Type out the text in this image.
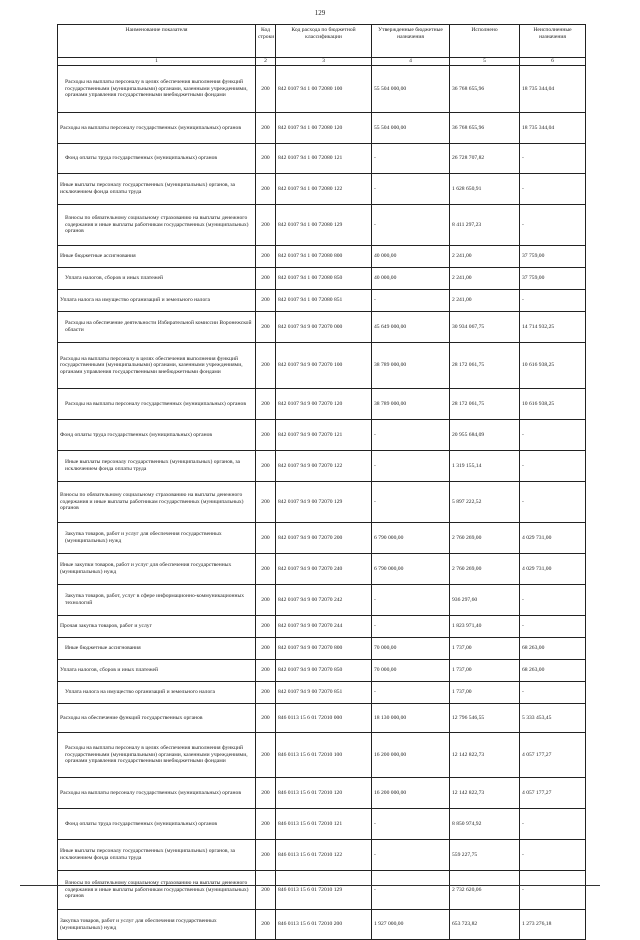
129
Наименование показателя	Код строки	Код расхода по бюджетной классификации	Утвержденные бюджетные назначения	Исполнено	Неисполненные назначения
1	2	3	4	5	6
Расходы на выплаты персоналу в целях обеспечения выполнения функций государственными (муниципальными) органами, казенными учреждениями, органами управления государственными внебюджетными фондами	200	842 0107 94 1 00 72080 100	55 504 000,00	36 768 655,96	18 735 344,04
Расходы на выплаты персоналу государственных (муниципальных) органов	200	842 0107 94 1 00 72080 120	55 504 000,00	36 768 655,96	18 735 344,04
Фонд оплаты труда государственных (муниципальных) органов	200	842 0107 94 1 00 72080 121	-	26 728 707,82	-
Иные выплаты персоналу государственных (муниципальных) органов, за исключением фонда оплаты труда	200	842 0107 94 1 00 72080 122	-	1 628 650,91	-
Взносы по обязательному социальному страхованию на выплаты денежного содержания и иные выплаты работникам государственных (муниципальных) органов	200	842 0107 94 1 00 72080 129	-	8 411 297,23	-
Иные бюджетные ассигнования	200	842 0107 94 1 00 72080 800	40 000,00	2 241,00	37 759,00
Уплата налогов, сборов и иных платежей	200	842 0107 94 1 00 72080 850	40 000,00	2 241,00	37 759,00
Уплата налога на имущество организаций и земельного налога	200	842 0107 94 1 00 72080 851	-	2 241,00	-
Расходы на обеспечение деятельности Избирательной комиссии Воронежской области	200	842 0107 94 9 00 72070 000	45 649 000,00	30 934 067,75	14 714 932,25
Расходы на выплаты персоналу в целях обеспечения выполнения функций государственными (муниципальными) органами, казенными учреждениями, органами управления государственными внебюджетными фондами	200	842 0107 94 9 00 72070 100	38 789 000,00	28 172 061,75	10 616 938,25
Расходы на выплаты персоналу государственных (муниципальных) органов	200	842 0107 94 9 00 72070 120	38 789 000,00	28 172 061,75	10 616 938,25
Фонд оплаты труда государственных (муниципальных) органов	200	842 0107 94 9 00 72070 121	-	20 955 684,09	-
Иные выплаты персоналу государственных (муниципальных) органов, за исключением фонда оплаты труда	200	842 0107 94 9 00 72070 122	-	1 319 155,14	-
Взносы по обязательному социальному страхованию на выплаты денежного содержания и иные выплаты работникам государственных (муниципальных) органов	200	842 0107 94 9 00 72070 129	-	5 897 222,52	-
Закупка товаров, работ и услуг для обеспечения государственных (муниципальных) нужд	200	842 0107 94 9 00 72070 200	6 790 000,00	2 760 269,00	4 029 731,00
Иные закупки товаров, работ и услуг для обеспечения государственных (муниципальных) нужд	200	842 0107 94 9 00 72070 240	6 790 000,00	2 760 269,00	4 029 731,00
Закупка товаров, работ, услуг в сфере информационно-коммуникационных технологий	200	842 0107 94 9 00 72070 242	-	936 297,60	-
Прочая закупка товаров, работ и услуг	200	842 0107 94 9 00 72070 244	-	1 823 971,40	-
Иные бюджетные ассигнования	200	842 0107 94 9 00 72070 800	70 000,00	1 737,00	68 263,00
Уплата налогов, сборов и иных платежей	200	842 0107 94 9 00 72070 850	70 000,00	1 737,00	68 263,00
Уплата налога на имущество организаций и земельного налога	200	842 0107 94 9 00 72070 851	-	1 737,00	-
Расходы на обеспечение функций государственных органов	200	846 0113 15 6 01 72010 000	18 130 000,00	12 796 546,55	5 333 453,45
Расходы на выплаты персоналу в целях обеспечения выполнения функций государственными (муниципальными) органами, казенными учреждениями, органами управления государственными внебюджетными фондами	200	846 0113 15 6 01 72010 100	16 200 000,00	12 142 822,73	4 057 177,27
Расходы на выплаты персоналу государственных (муниципальных) органов	200	846 0113 15 6 01 72010 120	16 200 000,00	12 142 822,73	4 057 177,27
Фонд оплаты труда государственных (муниципальных) органов	200	846 0113 15 6 01 72010 121	-	8 850 974,92	-
Иные выплаты персоналу государственных (муниципальных) органов, за исключением фонда оплаты труда	200	846 0113 15 6 01 72010 122	-	559 227,75	-
Взносы по обязательному социальному страхованию на выплаты денежного содержания и иные выплаты работникам государственных (муниципальных) органов	200	846 0113 15 6 01 72010 129	-	2 732 620,06	-
Закупка товаров, работ и услуг для обеспечения государственных (муниципальных) нужд	200	846 0113 15 6 01 72010 200	1 927 000,00	653 723,82	1 273 276,18
